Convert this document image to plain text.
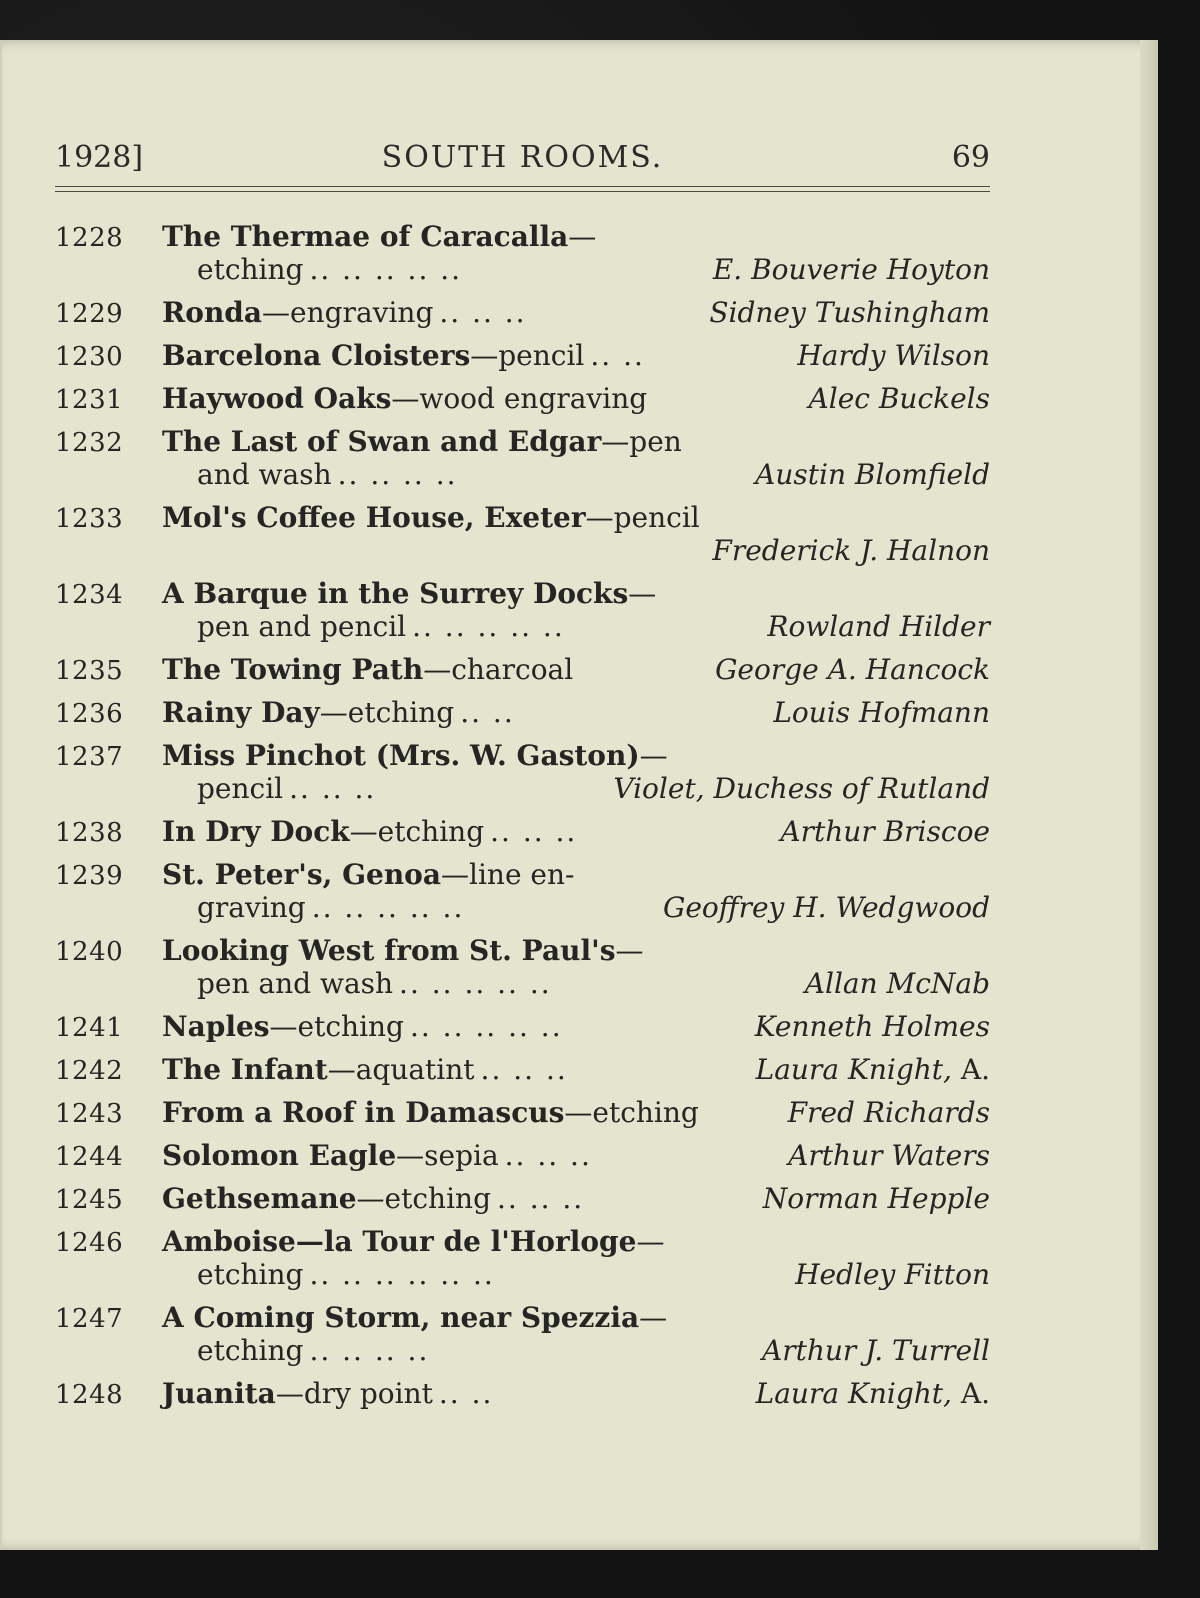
1928]	SOUTH ROOMS.	69
1228 The Thermae of Caracalla—
etching .. .. .. .. ..	E. Bouverie Hoyton
1229 Ronda—engraving .. .. ..	Sidney Tushingham
1230 Barcelona Cloisters—pencil .. ..	Hardy Wilson
1231 Haywood Oaks—wood engraving	Alec Buckels
1232 The Last of Swan and Edgar—pen
and wash .. .. .. ..	Austin Blomfield
1233 Mol's Coffee House, Exeter—pencil

Frederick J. Halnon
1234 A Barque in the Surrey Docks—
pen and pencil .. .. .. .. ..	Rowland Hilder
1235 The Towing Path—charcoal	George A. Hancock
1236 Rainy Day—etching .. ..	Louis Hofmann
1237 Miss Pinchot (Mrs. W. Gaston)—
pencil .. .. ..	Violet, Duchess of Rutland
1238 In Dry Dock—etching .. .. ..	Arthur Briscoe
1239 St. Peter's, Genoa—line en-
graving .. .. .. .. ..	Geoffrey H. Wedgwood
1240 Looking West from St. Paul's—
pen and wash .. .. .. .. ..	Allan McNab
1241 Naples—etching .. .. .. .. ..	Kenneth Holmes
1242 The Infant—aquatint .. .. ..	Laura Knight, A.
1243 From a Roof in Damascus—etching	Fred Richards
1244 Solomon Eagle—sepia .. .. ..	Arthur Waters
1245 Gethsemane—etching .. .. ..	Norman Hepple
1246 Amboise—la Tour de l'Horloge—
etching .. .. .. .. .. ..	Hedley Fitton
1247 A Coming Storm, near Spezzia—
etching .. .. .. ..	Arthur J. Turrell
1248 Juanita—dry point .. ..	Laura Knight, A.
